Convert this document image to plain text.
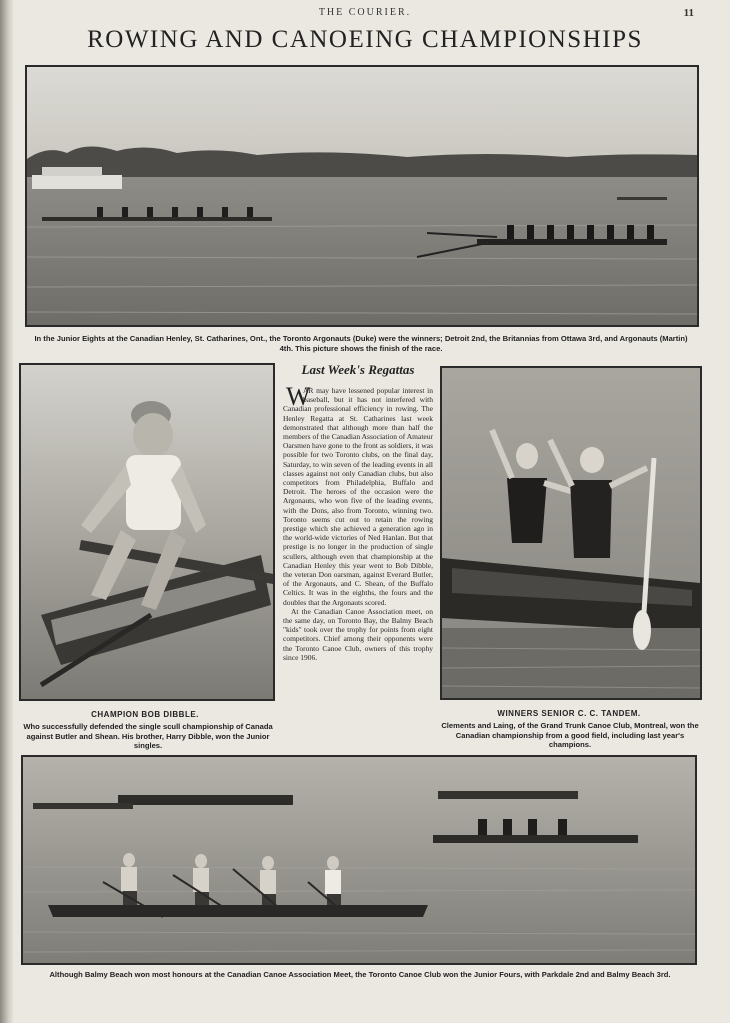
THE COURIER.	11
ROWING AND CANOEING CHAMPIONSHIPS
In the Junior Eights at the Canadian Henley, St. Catharines, Ont., the Toronto Argonauts (Duke) were the winners; Detroit 2nd, the Britannias from Ottawa 3rd, and Argonauts (Martin) 4th. This picture shows the finish of the race.
CHAMPION BOB DIBBLE.
Who successfully defended the single scull championship of Canada against Butler and Shean. His brother, Harry Dibble, won the Junior singles.
Last Week's Regattas
W

AR may have lessened popular interest in baseball, but it has not interfered with Canadian professional efficiency in rowing. The Henley Regatta at St. Catharines last week demonstrated that although more than half the members of the Canadian Association of Amateur Oarsmen have gone to the front as soldiers, it was possible for two Toronto clubs, on the final day, Saturday, to win seven of the leading events in all classes against not only Canadian clubs, but also competitors from Philadelphia, Buffalo and Detroit. The heroes of the occasion were the Argonauts, who won five of the leading events, with the Dons, also from Toronto, winning two. Toronto seems cut out to retain the rowing prestige which she achieved a generation ago in the world-wide victories of Ned Hanlan. But that prestige is no longer in the production of single scullers, although even that championship at the Canadian Henley this year went to Bob Dibble, the veteran Don oarsman, against Everard Butler, of the Argonauts, and C. Shean, of the Buffalo Celtics. It was in the eighths, the fours and the doubles that the Argonauts scored.

At the Canadian Canoe Association meet, on the same day, on Toronto Bay, the Balmy Beach "kids" took over the trophy for points from eight competitors. Chief among their opponents were the Toronto Canoe Club, owners of this trophy since 1906.

WINNERS SENIOR C. C. TANDEM.
Clements and Laing, of the Grand Trunk Canoe Club, Montreal, won the Canadian championship from a good field, including last year's champions.
Although Balmy Beach won most honours at the Canadian Canoe Association Meet, the Toronto Canoe Club won the Junior Fours, with Parkdale 2nd and Balmy Beach 3rd.
